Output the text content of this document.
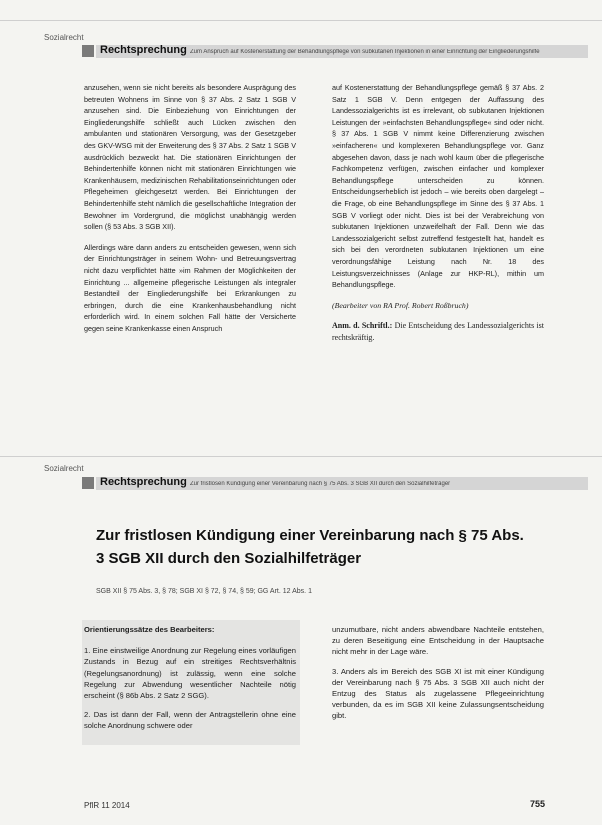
Sozialrecht
Rechtsprechung Zum Anspruch auf Kostenerstattung der Behandlungspflege von subkutanen Injektionen in einer Einrichtung der Eingliederungshilfe

anzusehen, wenn sie nicht bereits als besondere Ausprägung des betreuten Wohnens im Sinne von § 37 Abs. 2 Satz 1 SGB V anzusehen sind. Die Einbeziehung von Einrichtungen der Eingliederungshilfe schließt auch Lücken zwischen den ambulanten und stationären Versorgung, was der Gesetzgeber des GKV-WSG mit der Erweiterung des § 37 Abs. 2 Satz 1 SGB V ausdrücklich bezweckt hat. Die stationären Einrichtungen der Behindertenhilfe können nicht mit stationären Einrichtungen wie Krankenhäusern, medizinischen Rehabilitationseinrichtungen oder Pflegeheimen gleichgesetzt werden. Bei Einrichtungen der Behindertenhilfe steht nämlich die gesellschaftliche Integration der Bewohner im Vordergrund, die möglichst unabhängig werden sollen (§ 53 Abs. 3 SGB XII).

Allerdings wäre dann anders zu entscheiden gewesen, wenn sich der Einrichtungsträger in seinem Wohn- und Betreuungsvertrag nicht dazu verpflichtet hätte »im Rahmen der Möglichkeiten der Einrichtung ... allgemeine pflegerische Leistungen als integraler Bestandteil der Eingliederungshilfe bei Erkrankungen zu erbringen, durch die eine Krankenhausbehandlung nicht erforderlich wird. In einem solchen Fall hätte der Versicherte gegen seine Krankenkasse einen Anspruch

auf Kostenerstattung der Behandlungspflege gemäß § 37 Abs. 2 Satz 1 SGB V. Denn entgegen der Auffassung des Landessozialgerichts ist es irrelevant, ob subkutanen Injektionen Leistungen der »einfachsten Behandlungspflege« sind oder nicht. § 37 Abs. 1 SGB V nimmt keine Differenzierung zwischen »einfacheren« und komplexeren Behandlungspflege vor. Ganz abgesehen davon, dass je nach wohl kaum über die pflegerische Fachkompetenz verfügen, zwischen einfacher und komplexer Behandlungspflege unterscheiden zu können. Entscheidungserheblich ist jedoch – wie bereits oben dargelegt – die Frage, ob eine Behandlungspflege im Sinne des § 37 Abs. 1 SGB V vorliegt oder nicht. Dies ist bei der Verabreichung von subkutanen Injektionen unzweifelhaft der Fall. Denn wie das Landessozialgericht selbst zutreffend festgestellt hat, handelt es sich bei den verordneten subkutanen Injektionen um eine verordnungsfähige Leistung nach Nr. 18 des Leistungsverzeichnisses (Anlage zur HKP-RL), mithin um Behandlungspflege.

(Bearbeiter von RA Prof. Robert Roßbruch)

Anm. d. Schriftl.: Die Entscheidung des Landessozialgerichts ist rechtskräftig.

Sozialrecht
Rechtsprechung Zur fristlosen Kündigung einer Vereinbarung nach § 75 Abs. 3 SGB XII durch den Sozialhilfeträger
Zur fristlosen Kündigung einer Vereinbarung nach § 75 Abs. 3 SGB XII durch den Sozialhilfeträger
SGB XII § 75 Abs. 3, § 78; SGB XI § 72, § 74, § 59; GG Art. 12 Abs. 1
Orientierungssätze des Bearbeiters:

1. Eine einstweilige Anordnung zur Regelung eines vorläufigen Zustands in Bezug auf ein streitiges Rechtsverhältnis (Regelungsanordnung) ist zulässig, wenn eine solche Regelung zur Abwendung wesentlicher Nachteile nötig erscheint (§ 86b Abs. 2 Satz 2 SGG).

2. Das ist dann der Fall, wenn der Antragstellerin ohne eine solche Anordnung schwere oder

unzumutbare, nicht anders abwendbare Nachteile entstehen, zu deren Beseitigung eine Entscheidung in der Hauptsache nicht mehr in der Lage wäre.

3. Anders als im Bereich des SGB XI ist mit einer Kündigung der Vereinbarung nach § 75 Abs. 3 SGB XII auch nicht der Entzug des Status als zugelassene Pflegeeinrichtung verbunden, da es im SGB XII keine Zulassungsentscheidung gibt.

PflR 11 2014	755
